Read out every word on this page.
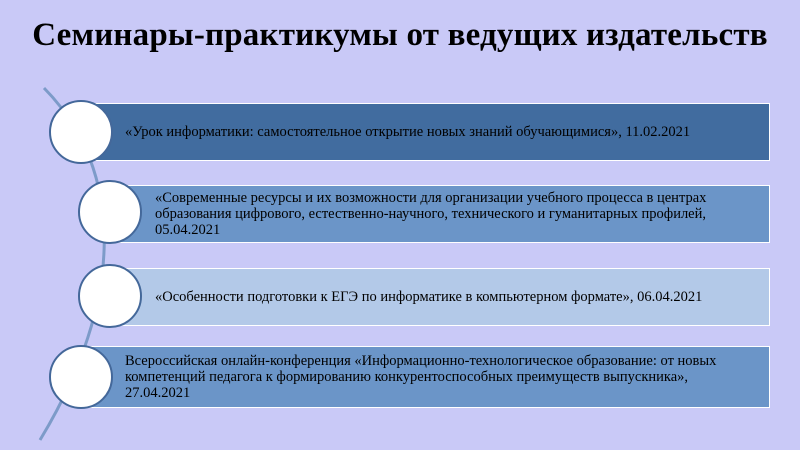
Семинары-практикумы от ведущих издательств
«Урок информатики: самостоятельное открытие новых знаний обучающимися», 11.02.2021
«Современные ресурсы и их возможности для организации учебного процесса в центрах образования цифрового, естественно-научного, технического и гуманитарных профилей, 05.04.2021
«Особенности подготовки к ЕГЭ по информатике в компьютерном формате», 06.04.2021
Всероссийская онлайн-конференция «Информационно-технологическое образование: от новых компетенций педагога к формированию конкурентоспособных преимуществ выпускника», 27.04.2021
